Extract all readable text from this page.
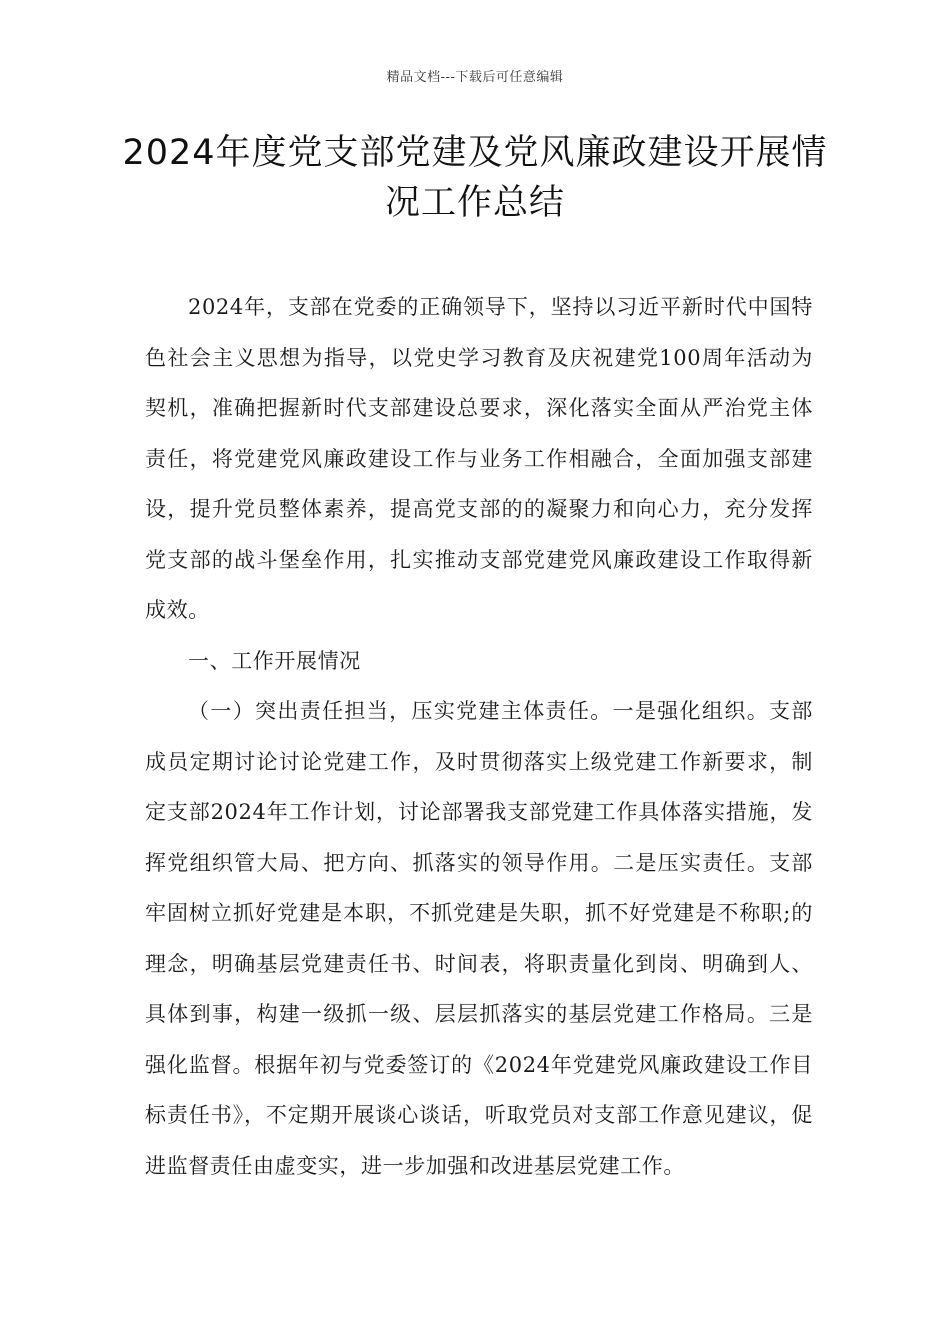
精品文档---下载后可任意编辑
2024年度党支部党建及党风廉政建设开展情况工作总结

2024年，支部在党委的正确领导下，坚持以习近平新时代中国特色社会主义思想为指导，以党史学习教育及庆祝建党100周年活动为契机，准确把握新时代支部建设总要求，深化落实全面从严治党主体责任，将党建党风廉政建设工作与业务工作相融合，全面加强支部建设，提升党员整体素养，提高党支部的的凝聚力和向心力，充分发挥党支部的战斗堡垒作用，扎实推动支部党建党风廉政建设工作取得新成效。

一、工作开展情况

（一）突出责任担当，压实党建主体责任。一是强化组织。支部成员定期讨论讨论党建工作，及时贯彻落实上级党建工作新要求，制定支部2024年工作计划，讨论部署我支部党建工作具体落实措施，发挥党组织管大局、把方向、抓落实的领导作用。二是压实责任。支部牢固树立抓好党建是本职，不抓党建是失职，抓不好党建是不称职;的理念，明确基层党建责任书、时间表，将职责量化到岗、明确到人、具体到事，构建一级抓一级、层层抓落实的基层党建工作格局。三是强化监督。根据年初与党委签订的《2024年党建党风廉政建设工作目标责任书》，不定期开展谈心谈话，听取党员对支部工作意见建议，促进监督责任由虚变实，进一步加强和改进基层党建工作。
